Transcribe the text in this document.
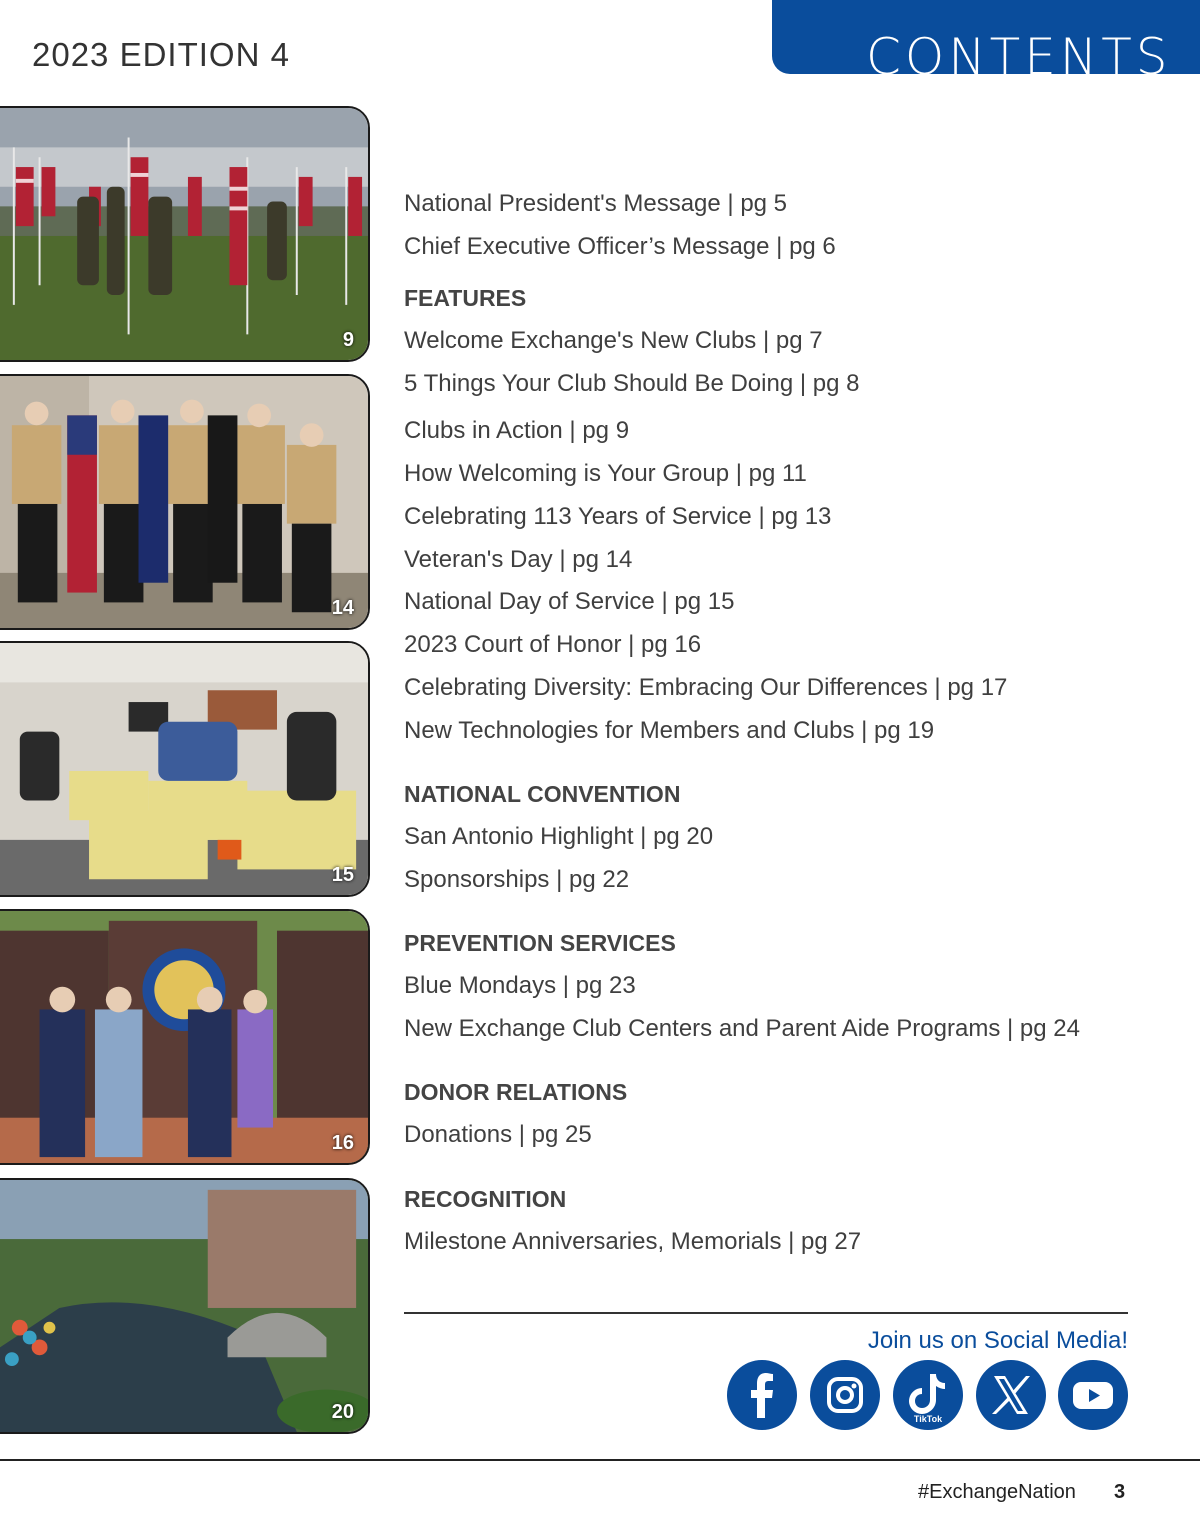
2023 EDITION 4	CONTENTS
9
14
15
16
20
National President's Message | pg 5
Chief Executive Officer’s Message | pg 6
FEATURES
Welcome Exchange's New Clubs | pg 7
5 Things Your Club Should Be Doing | pg 8
Clubs in Action | pg 9
How Welcoming is Your Group | pg 11
Celebrating 113 Years of Service | pg 13
Veteran's Day | pg 14
National Day of Service | pg 15
2023 Court of Honor | pg 16
Celebrating Diversity: Embracing Our Differences | pg 17
New Technologies for Members and Clubs | pg 19
NATIONAL CONVENTION
San Antonio Highlight | pg 20
Sponsorships | pg 22
PREVENTION SERVICES
Blue Mondays | pg 23
New Exchange Club Centers and Parent Aide Programs | pg 24
DONOR RELATIONS
Donations | pg 25
RECOGNITION
Milestone Anniversaries, Memorials | pg 27
Join us on Social Media!
TikTok
#ExchangeNation 3
